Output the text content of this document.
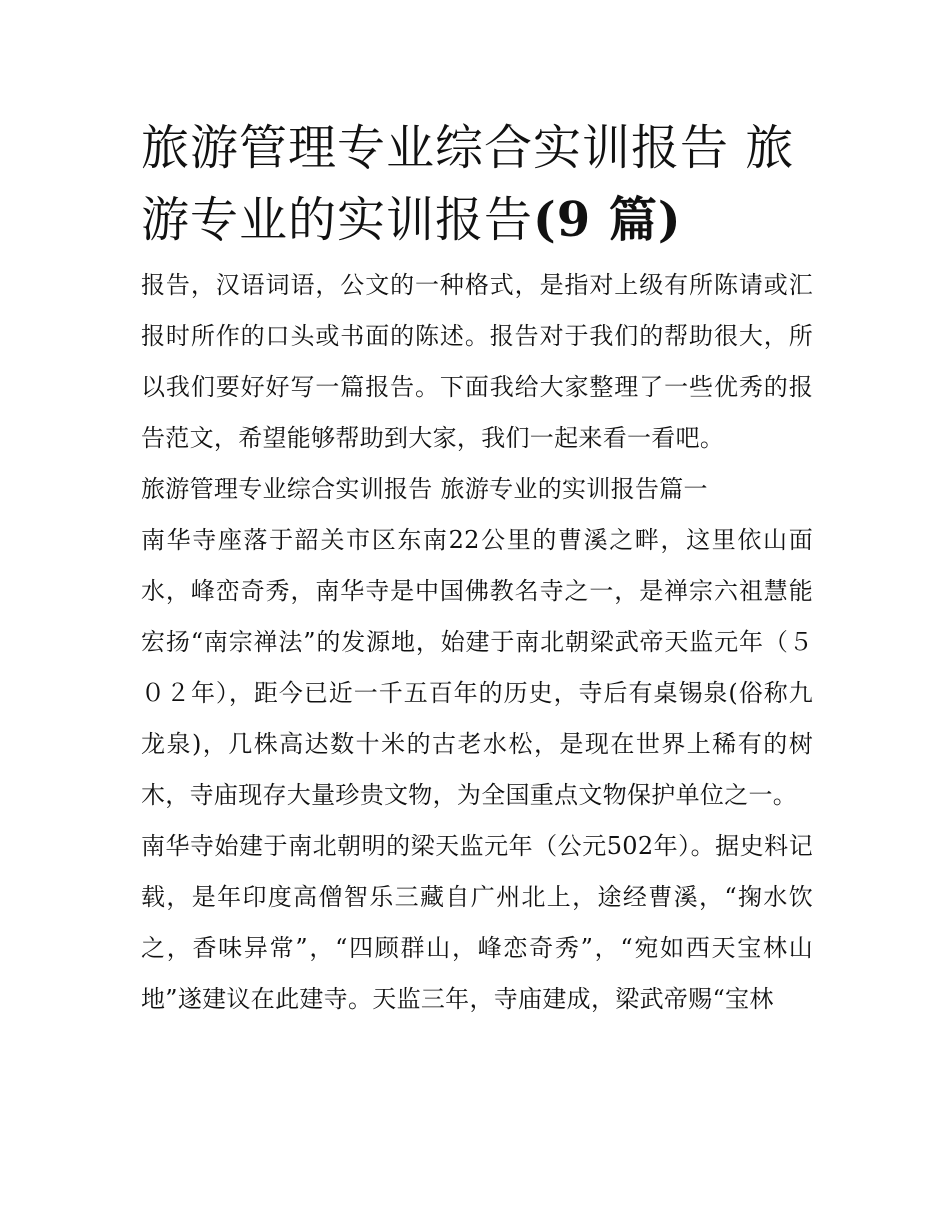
旅游管理专业综合实训报告 旅游专业的实训报告(9 篇)

报告，汉语词语，公文的一种格式，是指对上级有所陈请或汇报时所作的口头或书面的陈述。报告对于我们的帮助很大，所以我们要好好写一篇报告。下面我给大家整理了一些优秀的报告范文，希望能够帮助到大家，我们一起来看一看吧。

旅游管理专业综合实训报告 旅游专业的实训报告篇一

南华寺座落于韶关市区东南22公里的曹溪之畔，这里依山面水，峰峦奇秀，南华寺是中国佛教名寺之一，是禅宗六祖慧能宏扬“南宗禅法”的发源地，始建于南北朝梁武帝天监元年（５０２年），距今已近一千五百年的历史，寺后有桌锡泉(俗称九龙泉)，几株高达数十米的古老水松，是现在世界上稀有的树木，寺庙现存大量珍贵文物，为全国重点文物保护单位之一。

南华寺始建于南北朝明的梁天监元年（公元502年）。据史料记载，是年印度高僧智乐三藏自广州北上，途经曹溪，“掬水饮之，香味异常”，“四顾群山，峰恋奇秀”，“宛如西天宝林山地”遂建议在此建寺。天监三年，寺庙建成，梁武帝赐“宝林
